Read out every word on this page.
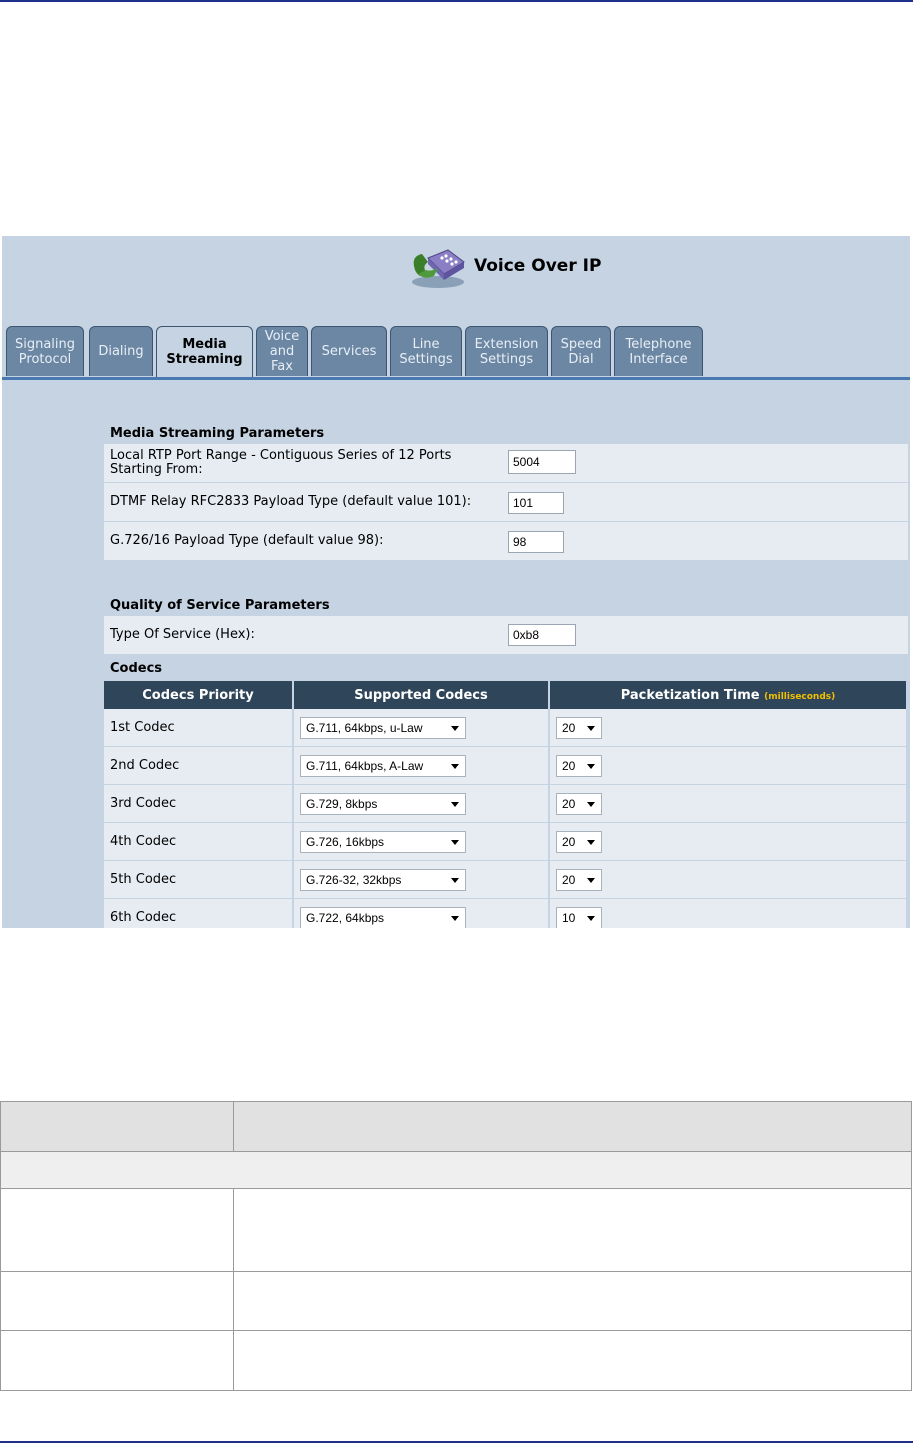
Voice Over IP
Signaling Protocol	Dialing	Media Streaming
Voice and Fax
Services	Line Settings
Extension Settings
Speed Dial
Telephone Interface
Media Streaming Parameters
Local RTP Port Range - Contiguous Series of 12 Ports Starting From:
5004
DTMF Relay RFC2833 Payload Type (default value 101):
101
G.726/16 Payload Type (default value 98):
98
Quality of Service Parameters
Type Of Service (Hex):
0xb8
Codecs
Codecs Priority	Supported Codecs	Packetization Time (milliseconds)
1st Codec	G.711, 64kbps, u-Law	20

2nd Codec	G.711, 64kbps, A-Law	20

3rd Codec	G.729, 8kbps	20

4th Codec	G.726, 16kbps	20

5th Codec	G.726-32, 32kbps	20

6th Codec	G.722, 64kbps	10
